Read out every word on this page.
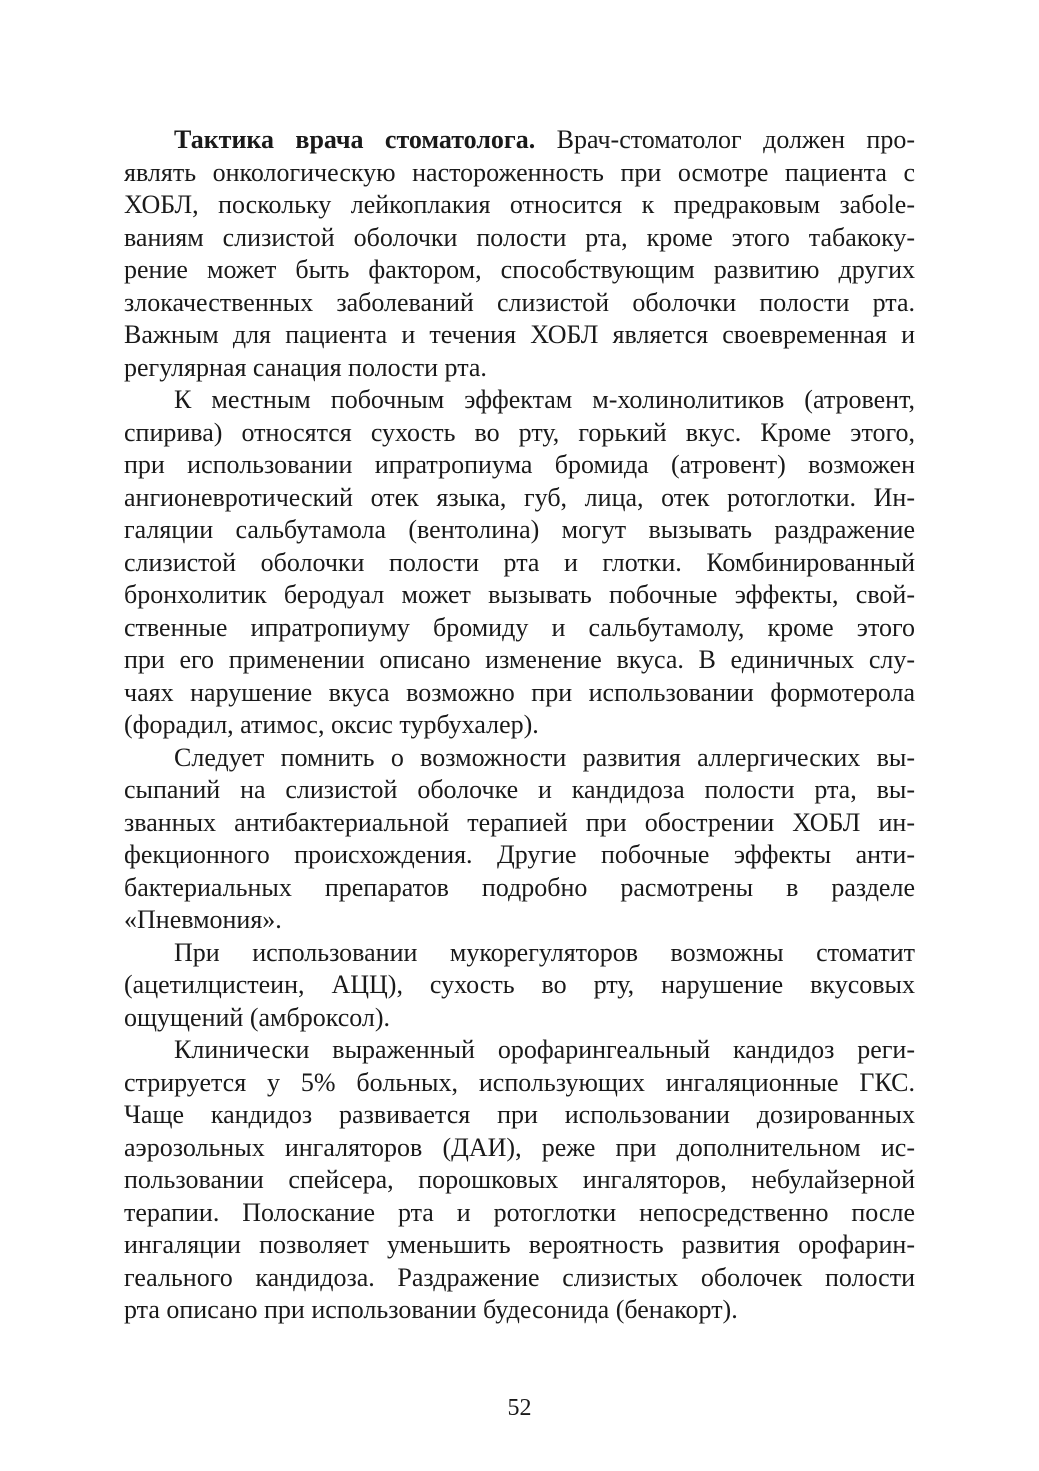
Тактика врача стоматолога. Врач-стоматолог должен про-
являть онкологическую настороженность при осмотре пациента с
ХОБЛ, поскольку лейкоплакия относится к предраковым забole-
ваниям слизистой оболочки полости рта, кроме этого табакоку-
рение может быть фактором, способствующим развитию других
злокачественных заболеваний слизистой оболочки полости рта.
Важным для пациента и течения ХОБЛ является своевременная и
регулярная санация полости рта.
К местным побочным эффектам м-холинолитиков (атровент,
спирива) относятся сухость во рту, горький вкус. Кроме этого,
при использовании ипратропиума бромида (атровент) возможен
ангионевротический отек языка, губ, лица, отек ротоглотки. Ин-
галяции сальбутамола (вентолина) могут вызывать раздражение
слизистой оболочки полости рта и глотки. Комбинированный
бронхолитик беродуал может вызывать побочные эффекты, свой-
ственные ипратропиуму бромиду и сальбутамолу, кроме этого
при его применении описано изменение вкуса. В единичных слу-
чаях нарушение вкуса возможно при использовании формотерола
(форадил, атимос, оксис турбухалер).
Следует помнить о возможности развития аллергических вы-
сыпаний на слизистой оболочке и кандидоза полости рта, вы-
званных антибактериальной терапией при обострении ХОБЛ ин-
фекционного происхождения. Другие побочные эффекты анти-
бактериальных препаратов подробно расмотрены в разделе
«Пневмония».
При использовании мукорегуляторов возможны стоматит
(ацетилцистеин, АЦЦ), сухость во рту, нарушение вкусовых
ощущений (амброксол).
Клинически выраженный орофарингеальный кандидоз реги-
стрируется у 5% больных, использующих ингаляционные ГКС.
Чаще кандидоз развивается при использовании дозированных
аэрозольных ингаляторов (ДАИ), реже при дополнительном ис-
пользовании спейсера, порошковых ингаляторов, небулайзерной
терапии. Полоскание рта и ротоглотки непосредственно после
ингаляции позволяет уменьшить вероятность развития орофарин-
геального кандидоза. Раздражение слизистых оболочек полости
рта описано при использовании будесонида (бенакорт).
52
